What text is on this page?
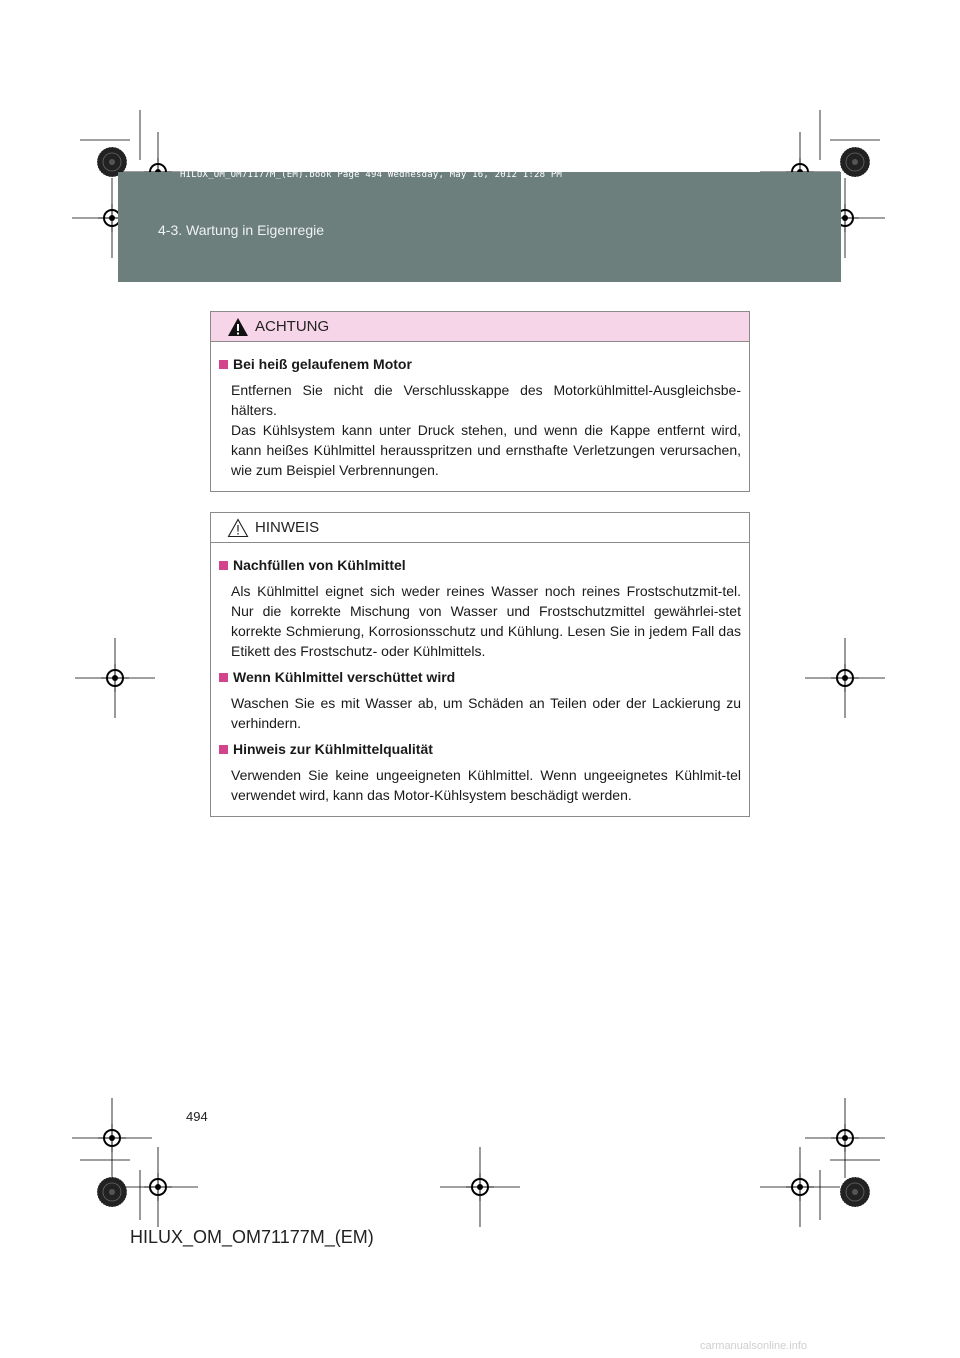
HILUX_OM_OM71177M_(EM).book Page 494 Wednesday, May 16, 2012 1:28 PM
4-3. Wartung in Eigenregie
ACHTUNG
Bei heiß gelaufenem Motor
Entfernen Sie nicht die Verschlusskappe des Motorkühlmittel-Ausgleichsbe-hälters.
Das Kühlsystem kann unter Druck stehen, und wenn die Kappe entfernt wird, kann heißes Kühlmittel herausspritzen und ernsthafte Verletzungen verursachen, wie zum Beispiel Verbrennungen.
HINWEIS
Nachfüllen von Kühlmittel
Als Kühlmittel eignet sich weder reines Wasser noch reines Frostschutzmit-tel. Nur die korrekte Mischung von Wasser und Frostschutzmittel gewährlei-stet korrekte Schmierung, Korrosionsschutz und Kühlung. Lesen Sie in jedem Fall das Etikett des Frostschutz- oder Kühlmittels.
Wenn Kühlmittel verschüttet wird
Waschen Sie es mit Wasser ab, um Schäden an Teilen oder der Lackierung zu verhindern.
Hinweis zur Kühlmittelqualität
Verwenden Sie keine ungeeigneten Kühlmittel. Wenn ungeeignetes Kühlmit-tel verwendet wird, kann das Motor-Kühlsystem beschädigt werden.
494
HILUX_OM_OM71177M_(EM)
carmanualsonline.info
